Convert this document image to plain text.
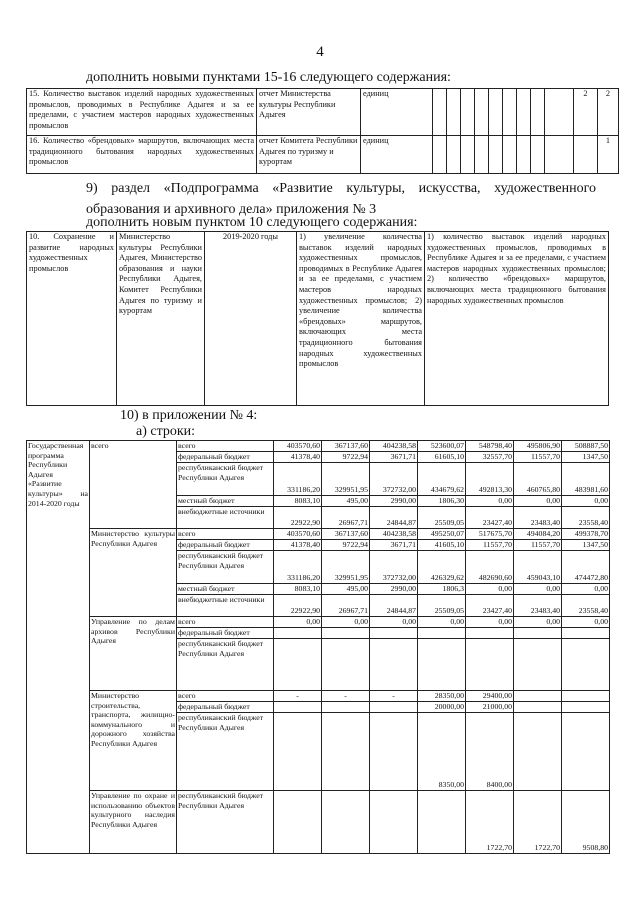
4
дополнить новыми пунктами 15-16 следующего содержания:
15. Количество выставок изделий народных художественных промыслов, проводимых в Республике Адыгея и за ее пределами, с участием мастеров народных художественных промыслов	отчет Министерства культуры Республики Адыгея	единиц										2	2
16. Количество «брендовых» маршрутов, включающих места традиционного бытования народных художественных промыслов	отчет Комитета Республики Адыгея по туризму и курортам	единиц											1
9) раздел «Подпрограмма «Развитие культуры, искусства, художественного образования и архивного дела» приложения № 3
дополнить новым пунктом 10 следующего содержания:
10. Сохранение и развитие народных художественных промыслов	Министерство культуры Республики Адыгея, Министерство образования и науки Республики Адыгея, Комитет Республики Адыгея по туризму и курортам	2019-2020 годы	1) увеличение количества выставок изделий народных художественных промыслов, проводимых в Республике Адыгея и за ее пределами, с участием мастеров народных художественных промыслов; 2) увеличение количества «брендовых» маршрутов, включающих места традиционного бытования народных художественных промыслов	1) количество выставок изделий народных художественных промыслов, проводимых в Республике Адыгея и за ее пределами, с участием мастеров народных художественных промыслов; 2) количество «брендовых» маршрутов, включающих места традиционного бытования народных художественных промыслов
10) в приложении № 4:
а) строки:
Государственная программа Республики Адыгея «Развитие культуры» на 2014-2020 годы	всего	всего	403570,60	367137,60	404238,58	523600,07	548798,40	495806,90	508887,50
		федеральный бюджет	41378,40	9722,94	3671,71	61605,10	32557,70	11557,70	1347,50
		республиканский бюджет Республики Адыгея	331186,20	329951,95	372732,00	434679,62	492813,30	460765,80	483981,60
		местный бюджет	8083,10	495,00	2990,00	1806,30	0,00	0,00	0,00
		внебюджетные источники	22922,90	26967,71	24844,87	25509,05	23427,40	23483,40	23558,40
	Министерство культуры Республики Адыгея	всего	403570,60	367137,60	404238,58	495250,07	517675,70	494084,20	499378,70
		федеральный бюджет	41378,40	9722,94	3671,71	41605,10	11557,70	11557,70	1347,50
		республиканский бюджет Республики Адыгея	331186,20	329951,95	372732,00	426329,62	482690,60	459043,10	474472,80
		местный бюджет	8083,10	495,00	2990,00	1806,3	0,00	0,00	0,00
		внебюджетные источники	22922,90	26967,71	24844,87	25509,05	23427,40	23483,40	23558,40
	Управление по делам архивов Республики Адыгея	всего	0,00	0,00	0,00	0,00	0,00	0,00	0,00
		федеральный бюджет							
		республиканский бюджет Республики Адыгея							
	Министерство строительства, транспорта, жилищно-коммунального и дорожного хозяйства Республики Адыгея	всего	-	-	-	28350,00	29400,00		
		федеральный бюджет				20000,00	21000,00		
		республиканский бюджет Республики Адыгея				8350,00	8400,00		
	Управление по охране и использованию объектов культурного наследия Республики Адыгея	республиканский бюджет Республики Адыгея					1722,70	1722,70	9508,80
